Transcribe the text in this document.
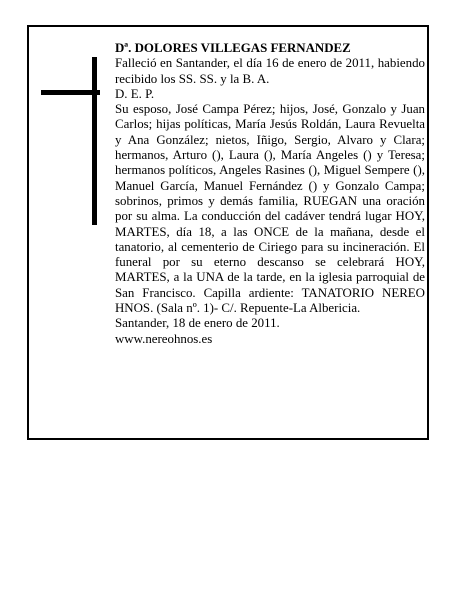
Dª. DOLORES VILLEGAS FERNANDEZ

Falleció en Santander, el día 16 de enero de 2011, habiendo recibido los SS. SS. y la B. A.

D. E. P.

Su esposo, José Campa Pérez; hijos, José, Gonzalo y Juan Carlos; hijas políticas, María Jesús Roldán, Laura Revuelta y Ana González; nietos, Iñigo, Sergio, Alvaro y Clara; hermanos, Arturo (), Laura (), María Angeles () y Teresa; hermanos políticos, Angeles Rasines (), Miguel Sempere (), Manuel García, Manuel Fernández () y Gonzalo Campa; sobrinos, primos y demás familia, RUEGAN una oración por su alma. La conducción del cadáver tendrá lugar HOY, MARTES, día 18, a las ONCE de la mañana, desde el tanatorio, al cementerio de Ciriego para su incineración. El funeral por su eterno descanso se celebrará HOY, MARTES, a la UNA de la tarde, en la iglesia parroquial de San Francisco. Capilla ardiente: TANATORIO NEREO HNOS. (Sala nº. 1)- C/. Repuente-La Albericia.

Santander, 18 de enero de 2011.

www.nereohnos.es
